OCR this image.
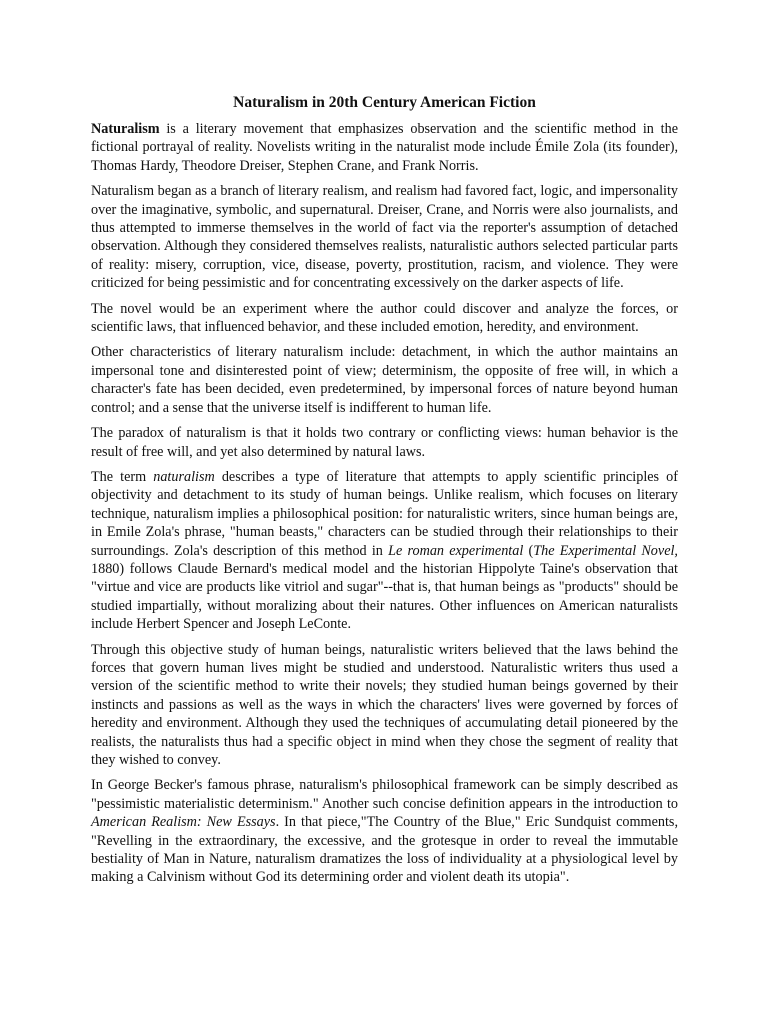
Naturalism in 20th Century American Fiction

Naturalism is a literary movement that emphasizes observation and the scientific method in the fictional portrayal of reality. Novelists writing in the naturalist mode include Émile Zola (its founder), Thomas Hardy, Theodore Dreiser, Stephen Crane, and Frank Norris.

Naturalism began as a branch of literary realism, and realism had favored fact, logic, and impersonality over the imaginative, symbolic, and supernatural. Dreiser, Crane, and Norris were also journalists, and thus attempted to immerse themselves in the world of fact via the reporter's assumption of detached observation. Although they considered themselves realists, naturalistic authors selected particular parts of reality: misery, corruption, vice, disease, poverty, prostitution, racism, and violence. They were criticized for being pessimistic and for concentrating excessively on the darker aspects of life.

The novel would be an experiment where the author could discover and analyze the forces, or scientific laws, that influenced behavior, and these included emotion, heredity, and environment.

Other characteristics of literary naturalism include: detachment, in which the author maintains an impersonal tone and disinterested point of view; determinism, the opposite of free will, in which a character's fate has been decided, even predetermined, by impersonal forces of nature beyond human control; and a sense that the universe itself is indifferent to human life.

The paradox of naturalism is that it holds two contrary or conflicting views: human behavior is the result of free will, and yet also determined by natural laws.

The term naturalism describes a type of literature that attempts to apply scientific principles of objectivity and detachment to its study of human beings. Unlike realism, which focuses on literary technique, naturalism implies a philosophical position: for naturalistic writers, since human beings are, in Emile Zola's phrase, "human beasts," characters can be studied through their relationships to their surroundings. Zola's description of this method in Le roman experimental (The Experimental Novel, 1880) follows Claude Bernard's medical model and the historian Hippolyte Taine's observation that "virtue and vice are products like vitriol and sugar"--that is, that human beings as "products" should be studied impartially, without moralizing about their natures. Other influences on American naturalists include Herbert Spencer and Joseph LeConte.

Through this objective study of human beings, naturalistic writers believed that the laws behind the forces that govern human lives might be studied and understood. Naturalistic writers thus used a version of the scientific method to write their novels; they studied human beings governed by their instincts and passions as well as the ways in which the characters' lives were governed by forces of heredity and environment. Although they used the techniques of accumulating detail pioneered by the realists, the naturalists thus had a specific object in mind when they chose the segment of reality that they wished to convey.

In George Becker's famous phrase, naturalism's philosophical framework can be simply described as "pessimistic materialistic determinism." Another such concise definition appears in the introduction to American Realism: New Essays. In that piece,"The Country of the Blue," Eric Sundquist comments, "Revelling in the extraordinary, the excessive, and the grotesque in order to reveal the immutable bestiality of Man in Nature, naturalism dramatizes the loss of individuality at a physiological level by making a Calvinism without God its determining order and violent death its utopia".
